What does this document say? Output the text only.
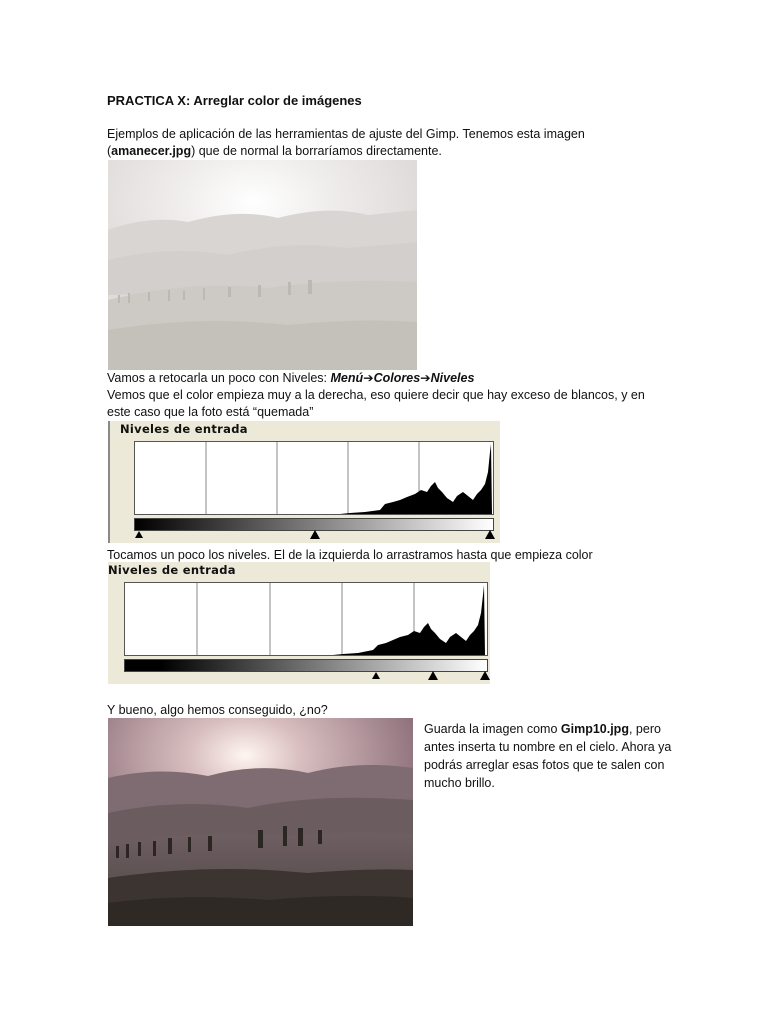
PRACTICA X: Arreglar color de imágenes
Ejemplos de aplicación de las herramientas de ajuste del Gimp. Tenemos esta imagen
(amanecer.jpg) que de normal la borraríamos directamente.
Vamos a retocarla un poco con Niveles: Menú➔Colores➔Niveles
Vemos que el color empieza muy a la derecha, eso quiere decir que hay exceso de blancos, y en
este caso que la foto está “quemada”
Niveles de entrada
Tocamos un poco los niveles. El de la izquierda lo arrastramos hasta que empieza color
Niveles de entrada
Y bueno, algo hemos conseguido, ¿no?
Guarda la imagen como Gimp10.jpg, pero antes inserta tu nombre en el cielo. Ahora ya podrás arreglar esas fotos que te salen con mucho brillo.
